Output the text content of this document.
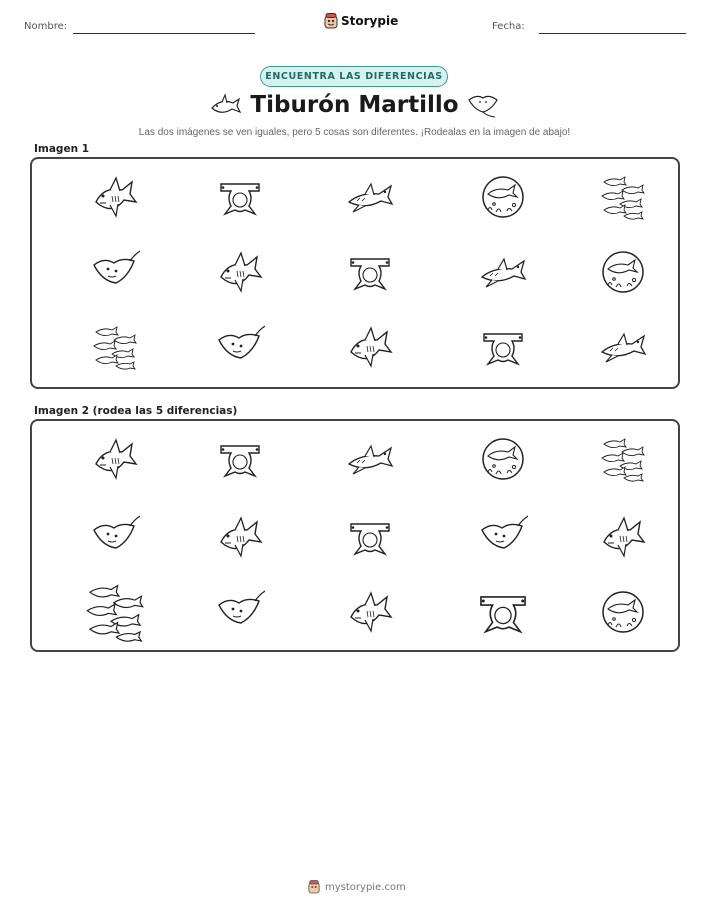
Nombre:	Storypie	Fecha:
ENCUENTRA LAS DIFERENCIAS
Tiburón Martillo
Las dos imágenes se ven iguales, pero 5 cosas son diferentes. ¡Rodealas en la imagen de abajo!
Imagen 1
Imagen 2 (rodea las 5 diferencias)
mystorypie.com
